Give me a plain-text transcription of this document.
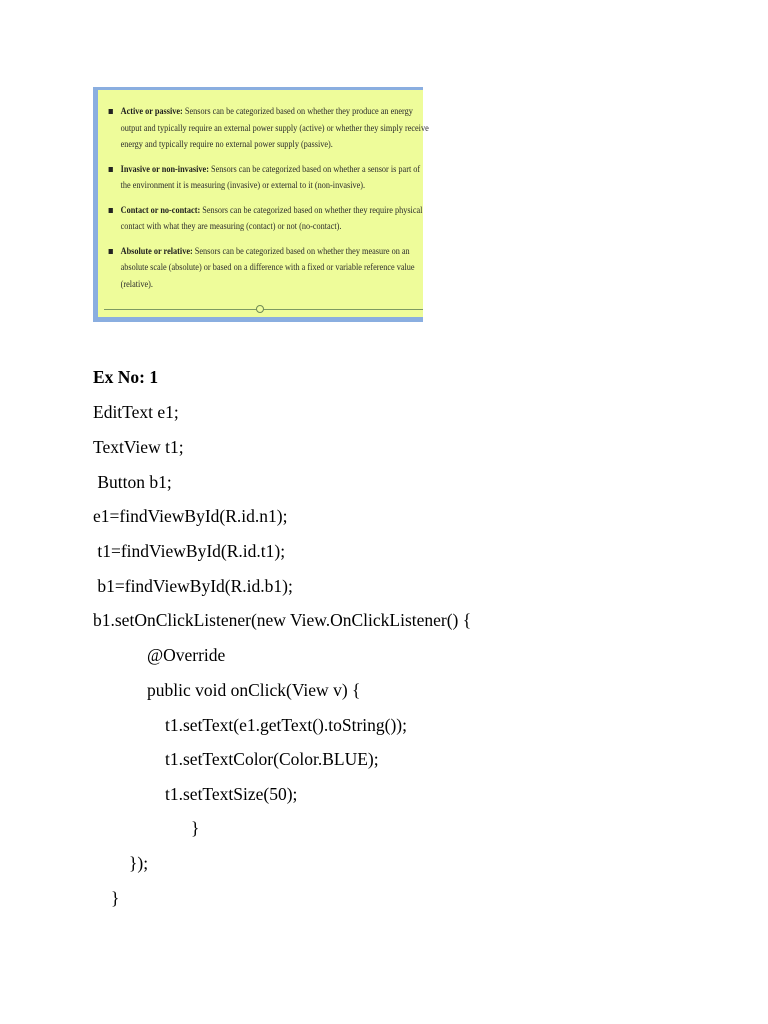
Active or passive: Sensors can be categorized based on whether they produce an energy output and typically require an external power supply (active) or whether they simply receive energy and typically require no external power supply (passive).
Invasive or non-invasive: Sensors can be categorized based on whether a sensor is part of the environment it is measuring (invasive) or external to it (non-invasive).
Contact or no-contact: Sensors can be categorized based on whether they require physical contact with what they are measuring (contact) or not (no-contact).
Absolute or relative: Sensors can be categorized based on whether they measure on an absolute scale (absolute) or based on a difference with a fixed or variable reference value (relative).
Ex No: 1
EditText e1;
TextView t1;
Button b1;
e1=findViewById(R.id.n1);
t1=findViewById(R.id.t1);
b1=findViewById(R.id.b1);
b1.setOnClickListener(new View.OnClickListener() {
@Override
public void onClick(View v) {
t1.setText(e1.getText().toString());
t1.setTextColor(Color.BLUE);
t1.setTextSize(50);
}
});
}
